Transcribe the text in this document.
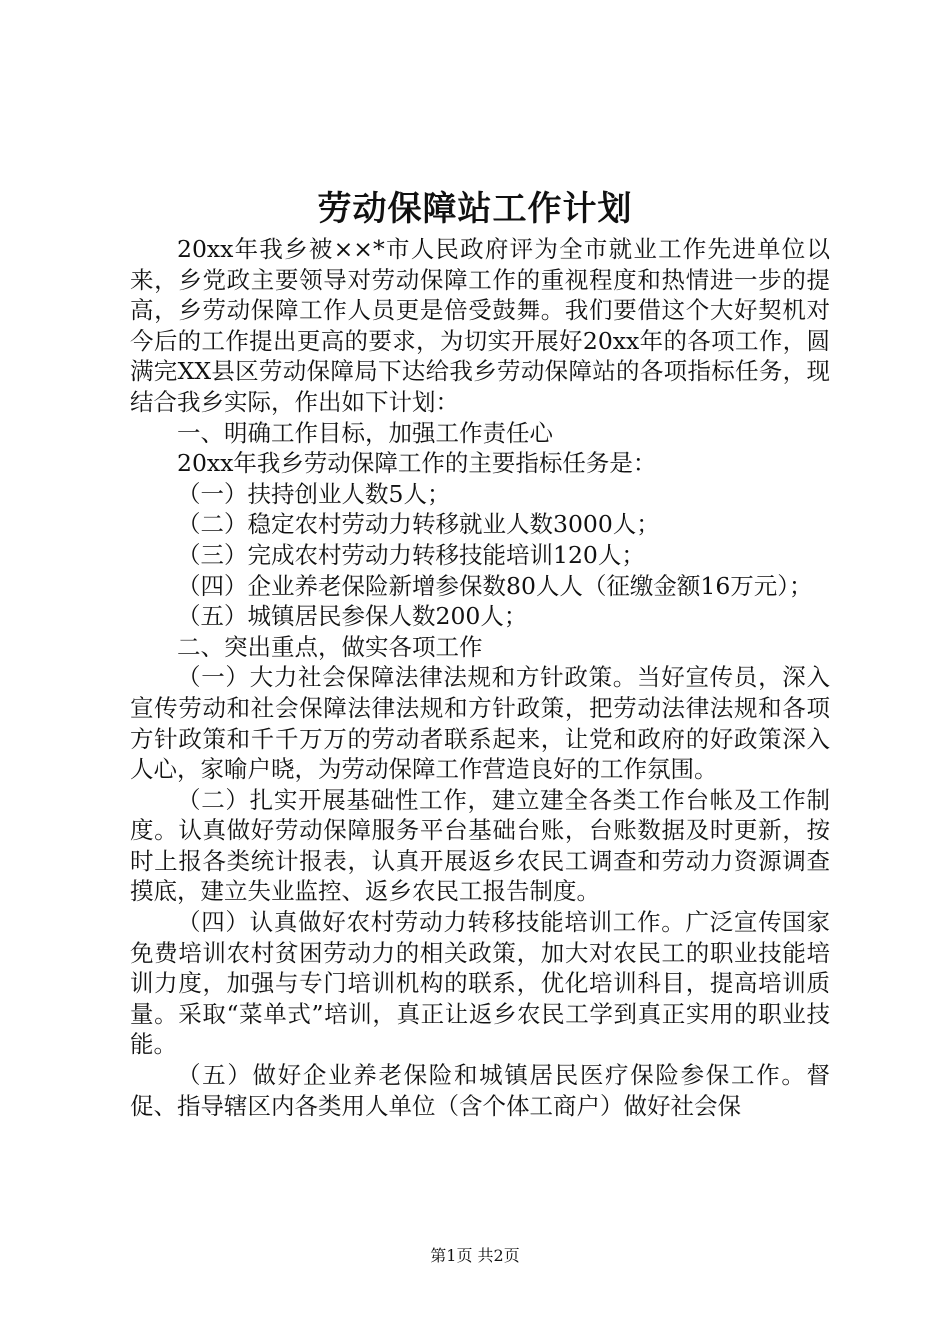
劳动保障站工作计划

20xx年我乡被××*市人民政府评为全市就业工作先进单位以来，乡党政主要领导对劳动保障工作的重视程度和热情进一步的提高，乡劳动保障工作人员更是倍受鼓舞。我们要借这个大好契机对今后的工作提出更高的要求，为切实开展好20xx年的各项工作，圆满完XX县区劳动保障局下达给我乡劳动保障站的各项指标任务，现结合我乡实际，作出如下计划：

一、明确工作目标，加强工作责任心

20xx年我乡劳动保障工作的主要指标任务是：

（一）扶持创业人数5人；

（二）稳定农村劳动力转移就业人数3000人；

（三）完成农村劳动力转移技能培训120人；

（四）企业养老保险新增参保数80人人（征缴金额16万元）；

（五）城镇居民参保人数200人；

二、突出重点，做实各项工作

（一）大力社会保障法律法规和方针政策。当好宣传员，深入宣传劳动和社会保障法律法规和方针政策，把劳动法律法规和各项方针政策和千千万万的劳动者联系起来，让党和政府的好政策深入人心，家喻户晓，为劳动保障工作营造良好的工作氛围。

（二）扎实开展基础性工作，建立建全各类工作台帐及工作制度。认真做好劳动保障服务平台基础台账，台账数据及时更新，按时上报各类统计报表，认真开展返乡农民工调查和劳动力资源调查摸底，建立失业监控、返乡农民工报告制度。

（四）认真做好农村劳动力转移技能培训工作。广泛宣传国家免费培训农村贫困劳动力的相关政策，加大对农民工的职业技能培训力度，加强与专门培训机构的联系，优化培训科目，提高培训质量。采取“菜单式”培训，真正让返乡农民工学到真正实用的职业技能。

（五）做好企业养老保险和城镇居民医疗保险参保工作。督促、指导辖区内各类用人单位（含个体工商户）做好社会保

第1页 共2页
